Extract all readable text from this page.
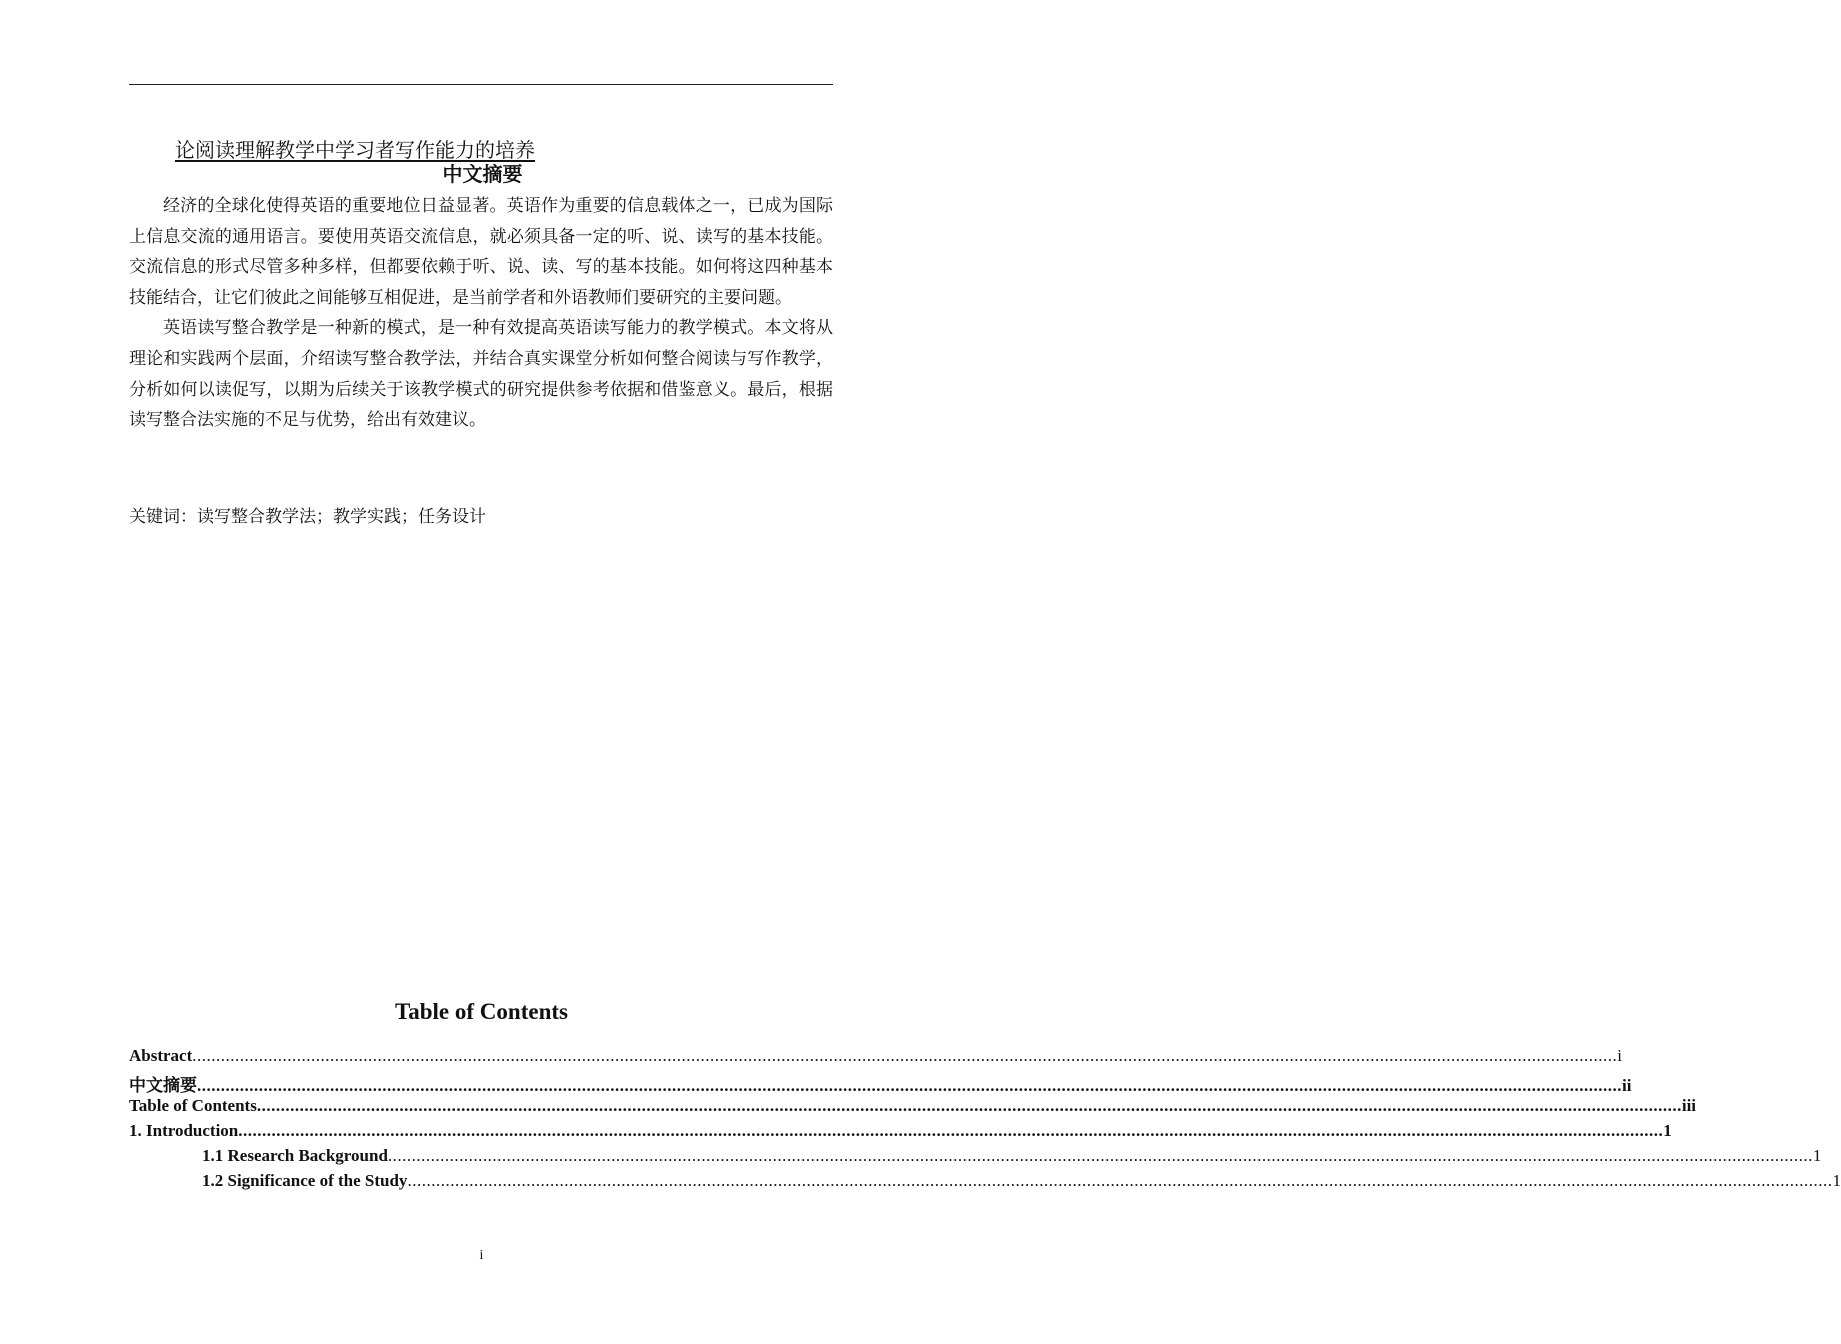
论阅读理解教学中学习者写作能力的培养
中文摘要

经济的全球化使得英语的重要地位日益显著。英语作为重要的信息载体之一，已成为国际上信息交流的通用语言。要使用英语交流信息，就必须具备一定的听、说、读写的基本技能。交流信息的形式尽管多种多样，但都要依赖于听、说、读、写的基本技能。如何将这四种基本技能结合，让它们彼此之间能够互相促进，是当前学者和外语教师们要研究的主要问题。

英语读写整合教学是一种新的模式，是一种有效提高英语读写能力的教学模式。本文将从理论和实践两个层面，介绍读写整合教学法，并结合真实课堂分析如何整合阅读与写作教学，分析如何以读促写，以期为后续关于该教学模式的研究提供参考依据和借鉴意义。最后，根据读写整合法实施的不足与优势，给出有效建议。

关键词：读写整合教学法；教学实践；任务设计
Table of Contents
Abstract ............................................................................................................................................................................................................................................................................................................ i
中文摘要 ............................................................................................................................................................................................................................................................................................................ ii
Table of Contents ............................................................................................................................................................................................................................................................................................................ iii
1. Introduction ............................................................................................................................................................................................................................................................................................................ 1
1.1 Research Background ............................................................................................................................................................................................................................................................................................................ 1
1.2 Significance of the Study ............................................................................................................................................................................................................................................................................................................ 1
i
